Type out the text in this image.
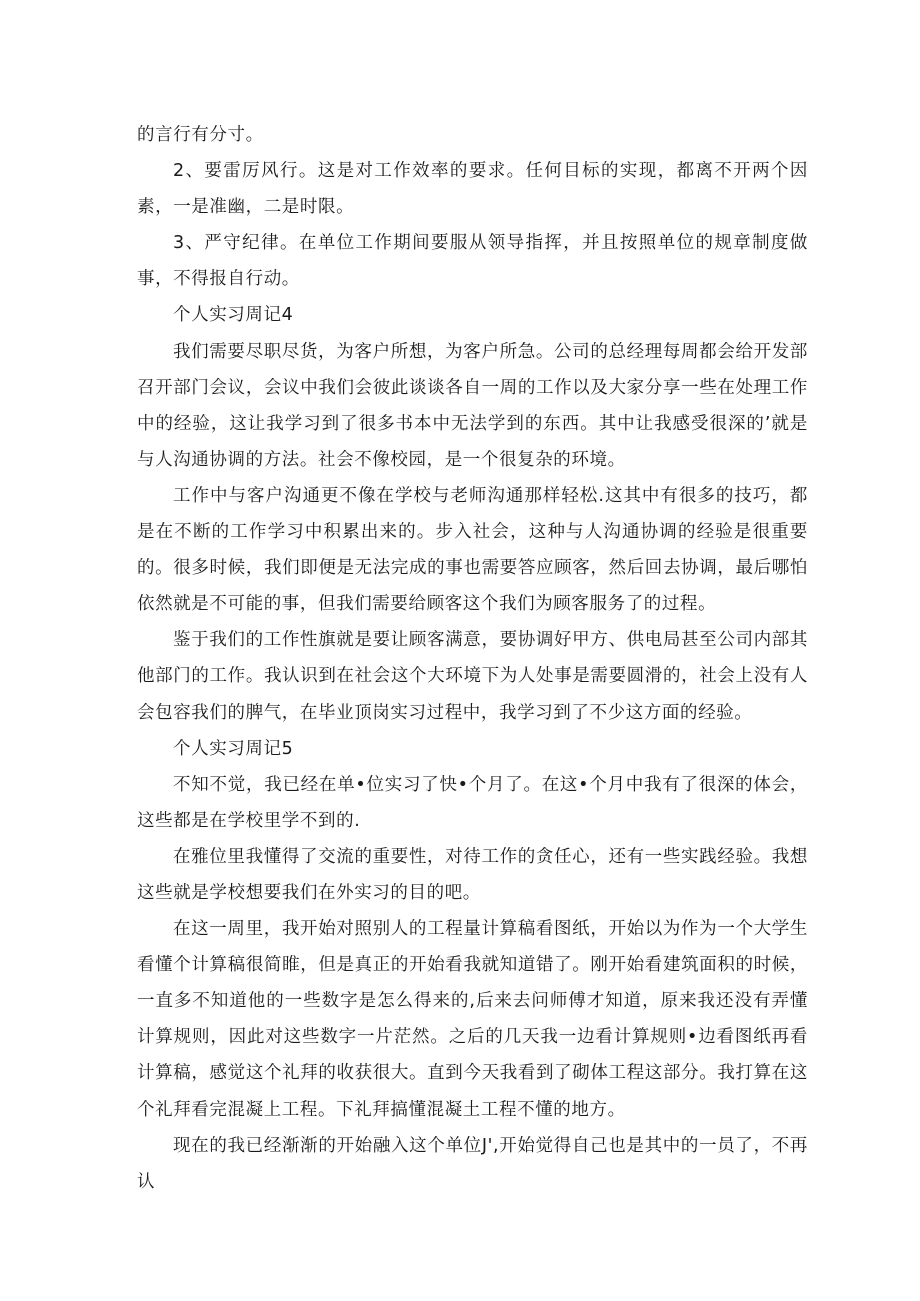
的言行有分寸。

2、要雷厉风行。这是对工作效率的要求。任何目标的实现，都离不开两个因素，一是准幽，二是时限。

3、严守纪律。在单位工作期间要服从领导指挥，并且按照单位的规章制度做事，不得报自行动。

个人实习周记4

我们需要尽职尽货，为客户所想，为客户所急。公司的总经理每周都会给开发部召开部门会议，会议中我们会彼此谈谈各自一周的工作以及大家分享一些在处理工作中的经验，这让我学习到了很多书本中无法学到的东西。其中让我感受很深的’就是与人沟通协调的方法。社会不像校园，是一个很复杂的环境。

工作中与客户沟通更不像在学校与老师沟通那样轻松.这其中有很多的技巧，都是在不断的工作学习中积累出来的。步入社会，这种与人沟通协调的经验是很重要的。很多时候，我们即便是无法完成的事也需要答应顾客，然后回去协调，最后哪怕依然就是不可能的事，但我们需要给顾客这个我们为顾客服务了的过程。

鉴于我们的工作性旗就是要让顾客满意，要协调好甲方、供电局甚至公司内部其他部门的工作。我认识到在社会这个大环境下为人处事是需要圆滑的，社会上没有人会包容我们的脾气，在毕业顶岗实习过程中，我学习到了不少这方面的经验。

个人实习周记5

不知不觉，我已经在单•位实习了快•个月了。在这•个月中我有了很深的体会，这些都是在学校里学不到的.

在雅位里我懂得了交流的重要性，对待工作的贪任心，还有一些实践经验。我想这些就是学校想要我们在外实习的目的吧。

在这一周里，我开始对照别人的工程量计算稿看图纸，开始以为作为一个大学生看懂个计算稿很简睢，但是真正的开始看我就知道错了。刚开始看建筑面积的时候，一直多不知道他的一些数字是怎么得来的,后来去问师傅才知道，原来我还没有弄懂计算规则，因此对这些数字一片茫然。之后的几天我一边看计算规则•边看图纸再看计算稿，感觉这个礼拜的收获很大。直到今天我看到了砌体工程这部分。我打算在这个礼拜看完混凝上工程。下礼拜搞懂混凝土工程不懂的地方。

现在的我已经渐渐的开始融入这个单位J',开始觉得自己也是其中的一员了，不再认
